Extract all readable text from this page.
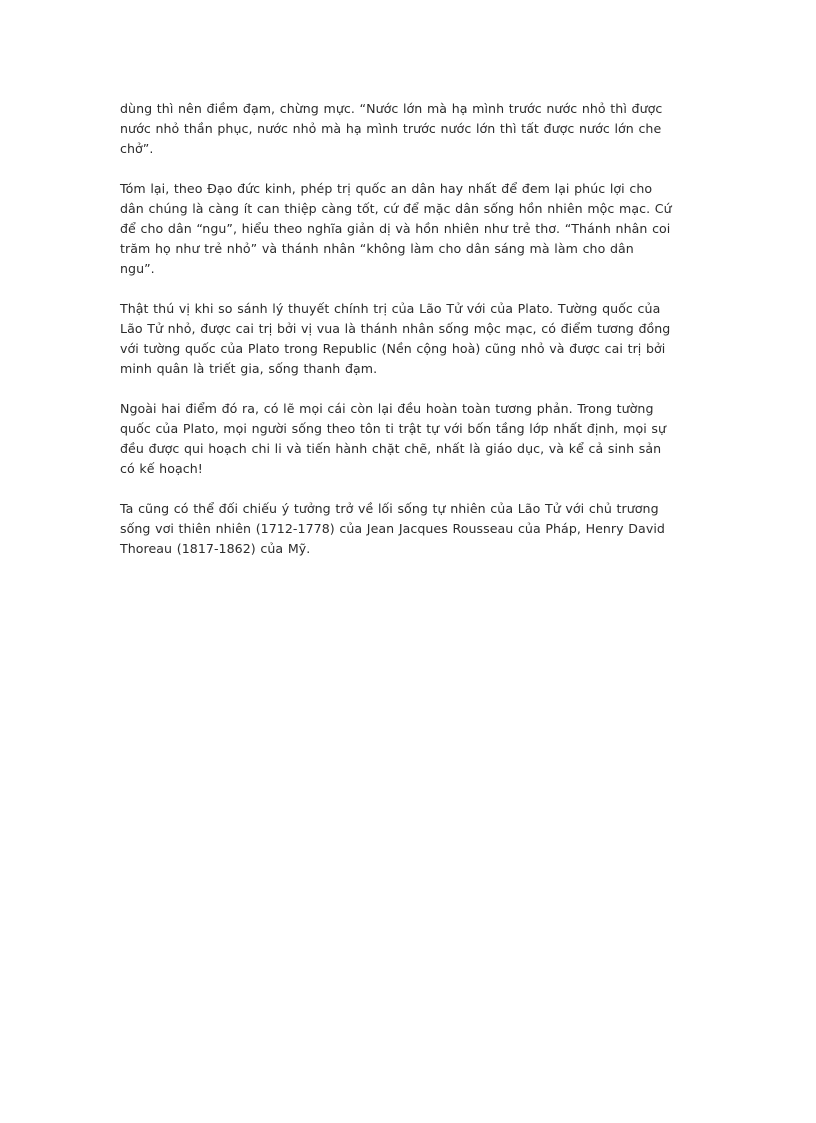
dùng thì nên điềm đạm, chừng mực. “Nước lớn mà hạ mình trước nước nhỏ thì được
nước nhỏ thần phục, nước nhỏ mà hạ mình trước nước lớn thì tất được nước lớn che
chở”.

Tóm lại, theo Đạo đức kinh, phép trị quốc an dân hay nhất để đem lại phúc lợi cho
dân chúng là càng ít can thiệp càng tốt, cứ để mặc dân sống hồn nhiên mộc mạc. Cứ
để cho dân “ngu”, hiểu theo nghĩa giản dị và hồn nhiên như trẻ thơ. “Thánh nhân coi
trăm họ như trẻ nhỏ” và thánh nhân “không làm cho dân sáng mà làm cho dân
ngu”.

Thật thú vị khi so sánh lý thuyết chính trị của Lão Tử với của Plato. Tường quốc của
Lão Tử nhỏ, được cai trị bởi vị vua là thánh nhân sống mộc mạc, có điểm tương đồng
với tường quốc của Plato trong Republic (Nền cộng hoà) cũng nhỏ và được cai trị bởi
minh quân là triết gia, sống thanh đạm.

Ngoài hai điểm đó ra, có lẽ mọi cái còn lại đều hoàn toàn tương phản. Trong tường
quốc của Plato, mọi người sống theo tôn ti trật tự với bốn tầng lớp nhất định, mọi sự
đều được qui hoạch chi li và tiến hành chặt chẽ, nhất là giáo dục, và kể cả sinh sản
có kế hoạch!

Ta cũng có thể đối chiếu ý tưởng trở về lối sống tự nhiên của Lão Tử với chủ trương
sống vơi thiên nhiên (1712-1778) của Jean Jacques Rousseau của Pháp, Henry David
Thoreau (1817-1862) của Mỹ.
